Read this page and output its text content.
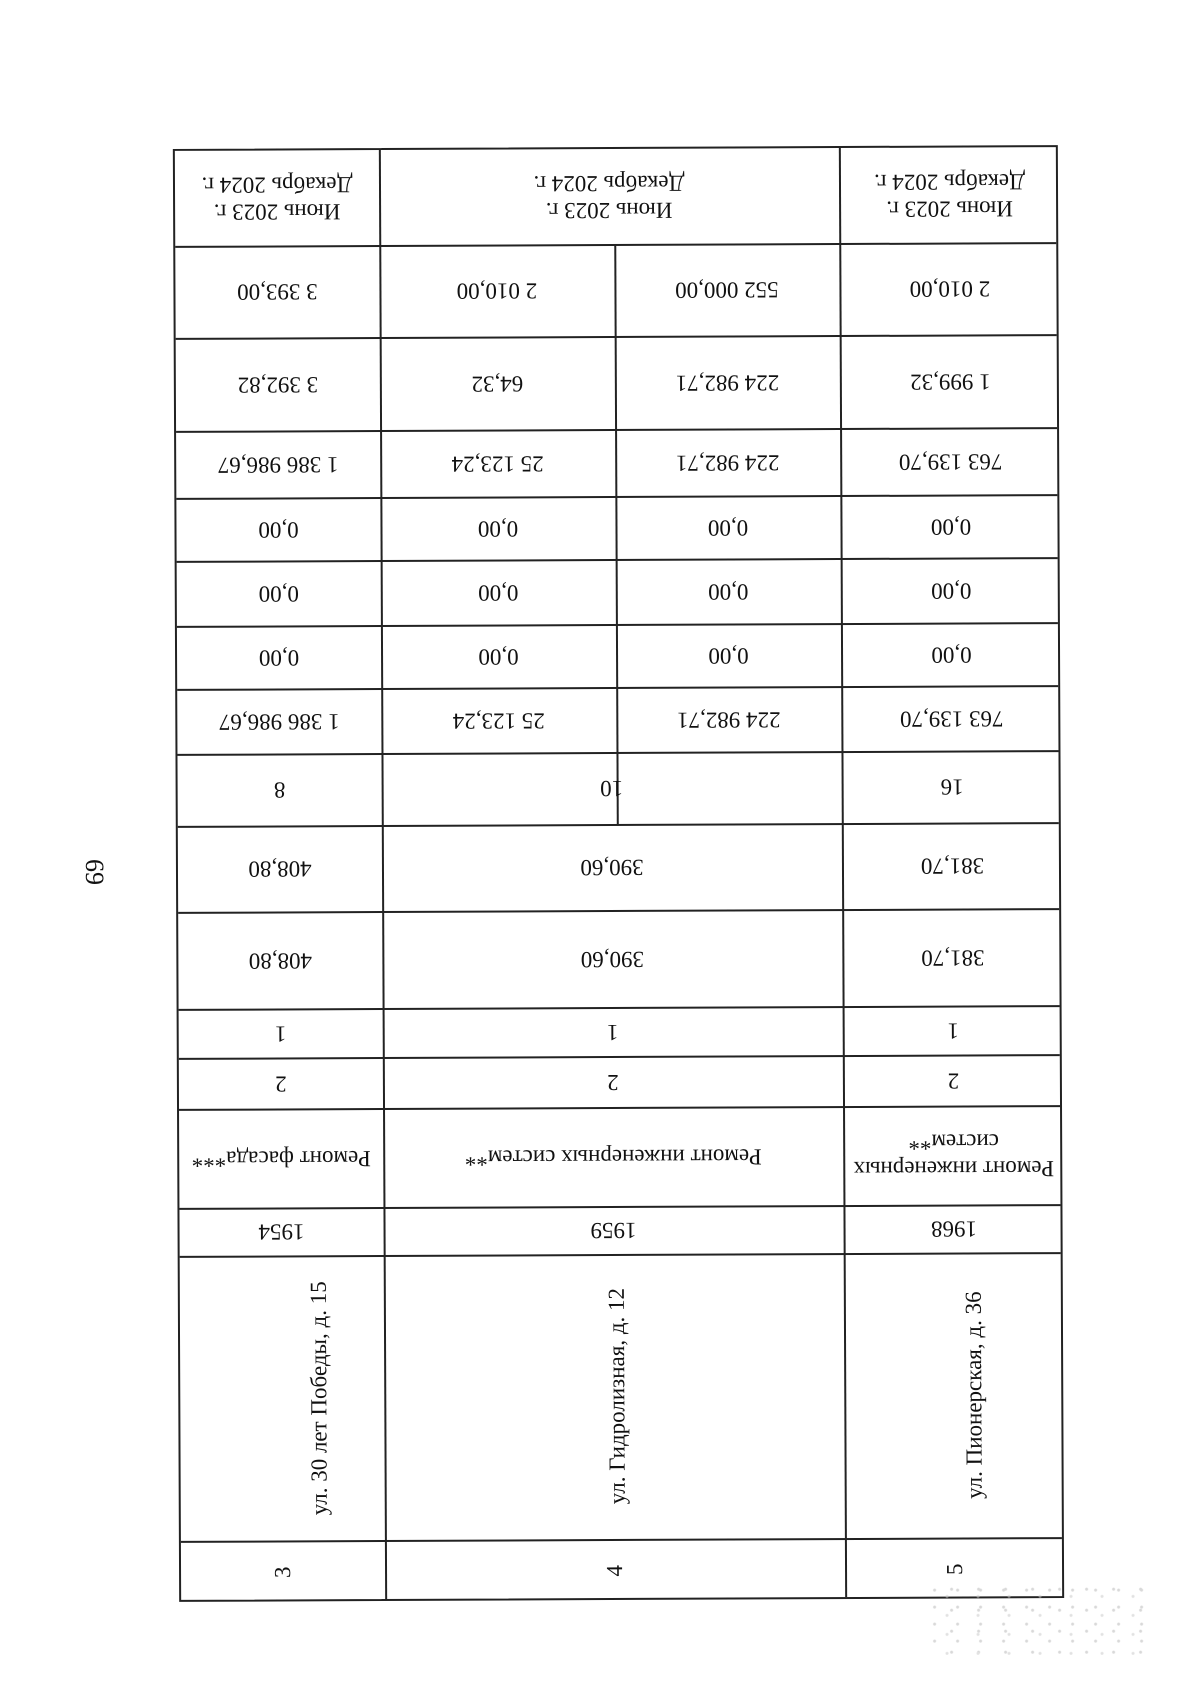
69
Июнь 2023 г.
Декабрь 2024 г.
3 393,00
3 392,82
1 386 986,67
0,00
0,00
0,00
1 386 986,67
8
408,80
408,80
1
2
Ремонт фасада***
1954
ул. 30 лет Победы, д. 15
3
Июнь 2023 г.
Декабрь 2024 г.
2 010,00
64,32
25 123,24
0,00
0,00
0,00
25 123,24
552 000,00
224 982,71
224 982,71
0,00
0,00
0,00
224 982,71
10
390,60
390,60
1
2
Ремонт инженерных систем**
1959
ул. Гидролизная, д. 12
4
Июнь 2023 г.
Декабрь 2024 г.
2 010,00
1 999,32
763 139,70
0,00
0,00
0,00
763 139,70
16
381,70
381,70
1
2
Ремонт инженерных систем**
1968
ул. Пионерская, д. 36
5
